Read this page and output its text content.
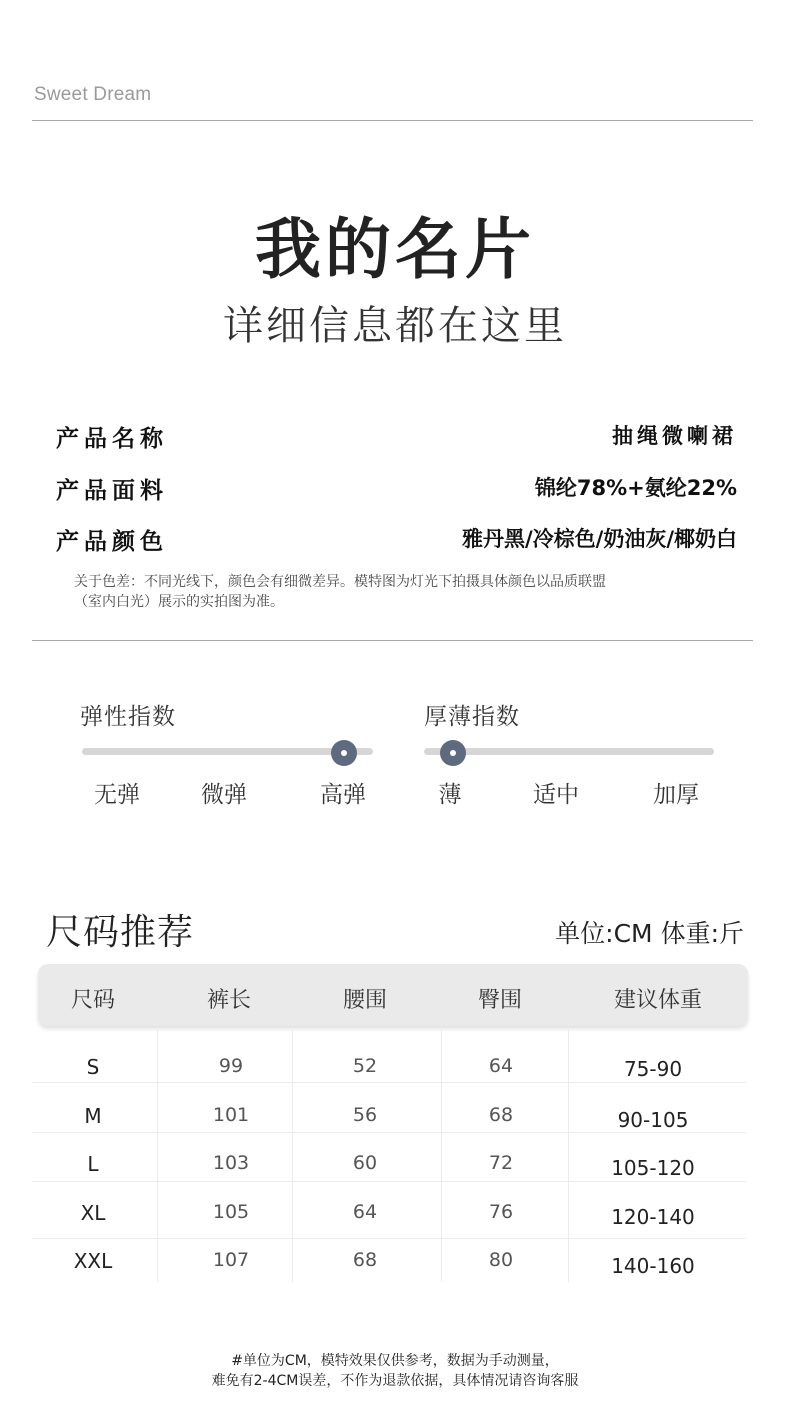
Sweet Dream
我的名片
详细信息都在这里
产品名称	抽绳微喇裙
产品面料	锦纶78%+氨纶22%
产品颜色	雅丹黑/冷棕色/奶油灰/椰奶白
关于色差：不同光线下，颜色会有细微差异。模特图为灯光下拍摄具体颜色以品质联盟
（室内白光）展示的实拍图为准。
弹性指数
无弹	微弹	高弹
厚薄指数
薄	适中	加厚
尺码推荐	单位:CM 体重:斤
尺码	裤长	腰围	臀围	建议体重
S	99	52	64	75-90
M	101	56	68	90-105
L	103	60	72	105-120
XL	105	64	76	120-140
XXL	107	68	80	140-160
#单位为CM，模特效果仅供参考，数据为手动测量，
难免有2-4CM误差，不作为退款依据，具体情况请咨询客服
